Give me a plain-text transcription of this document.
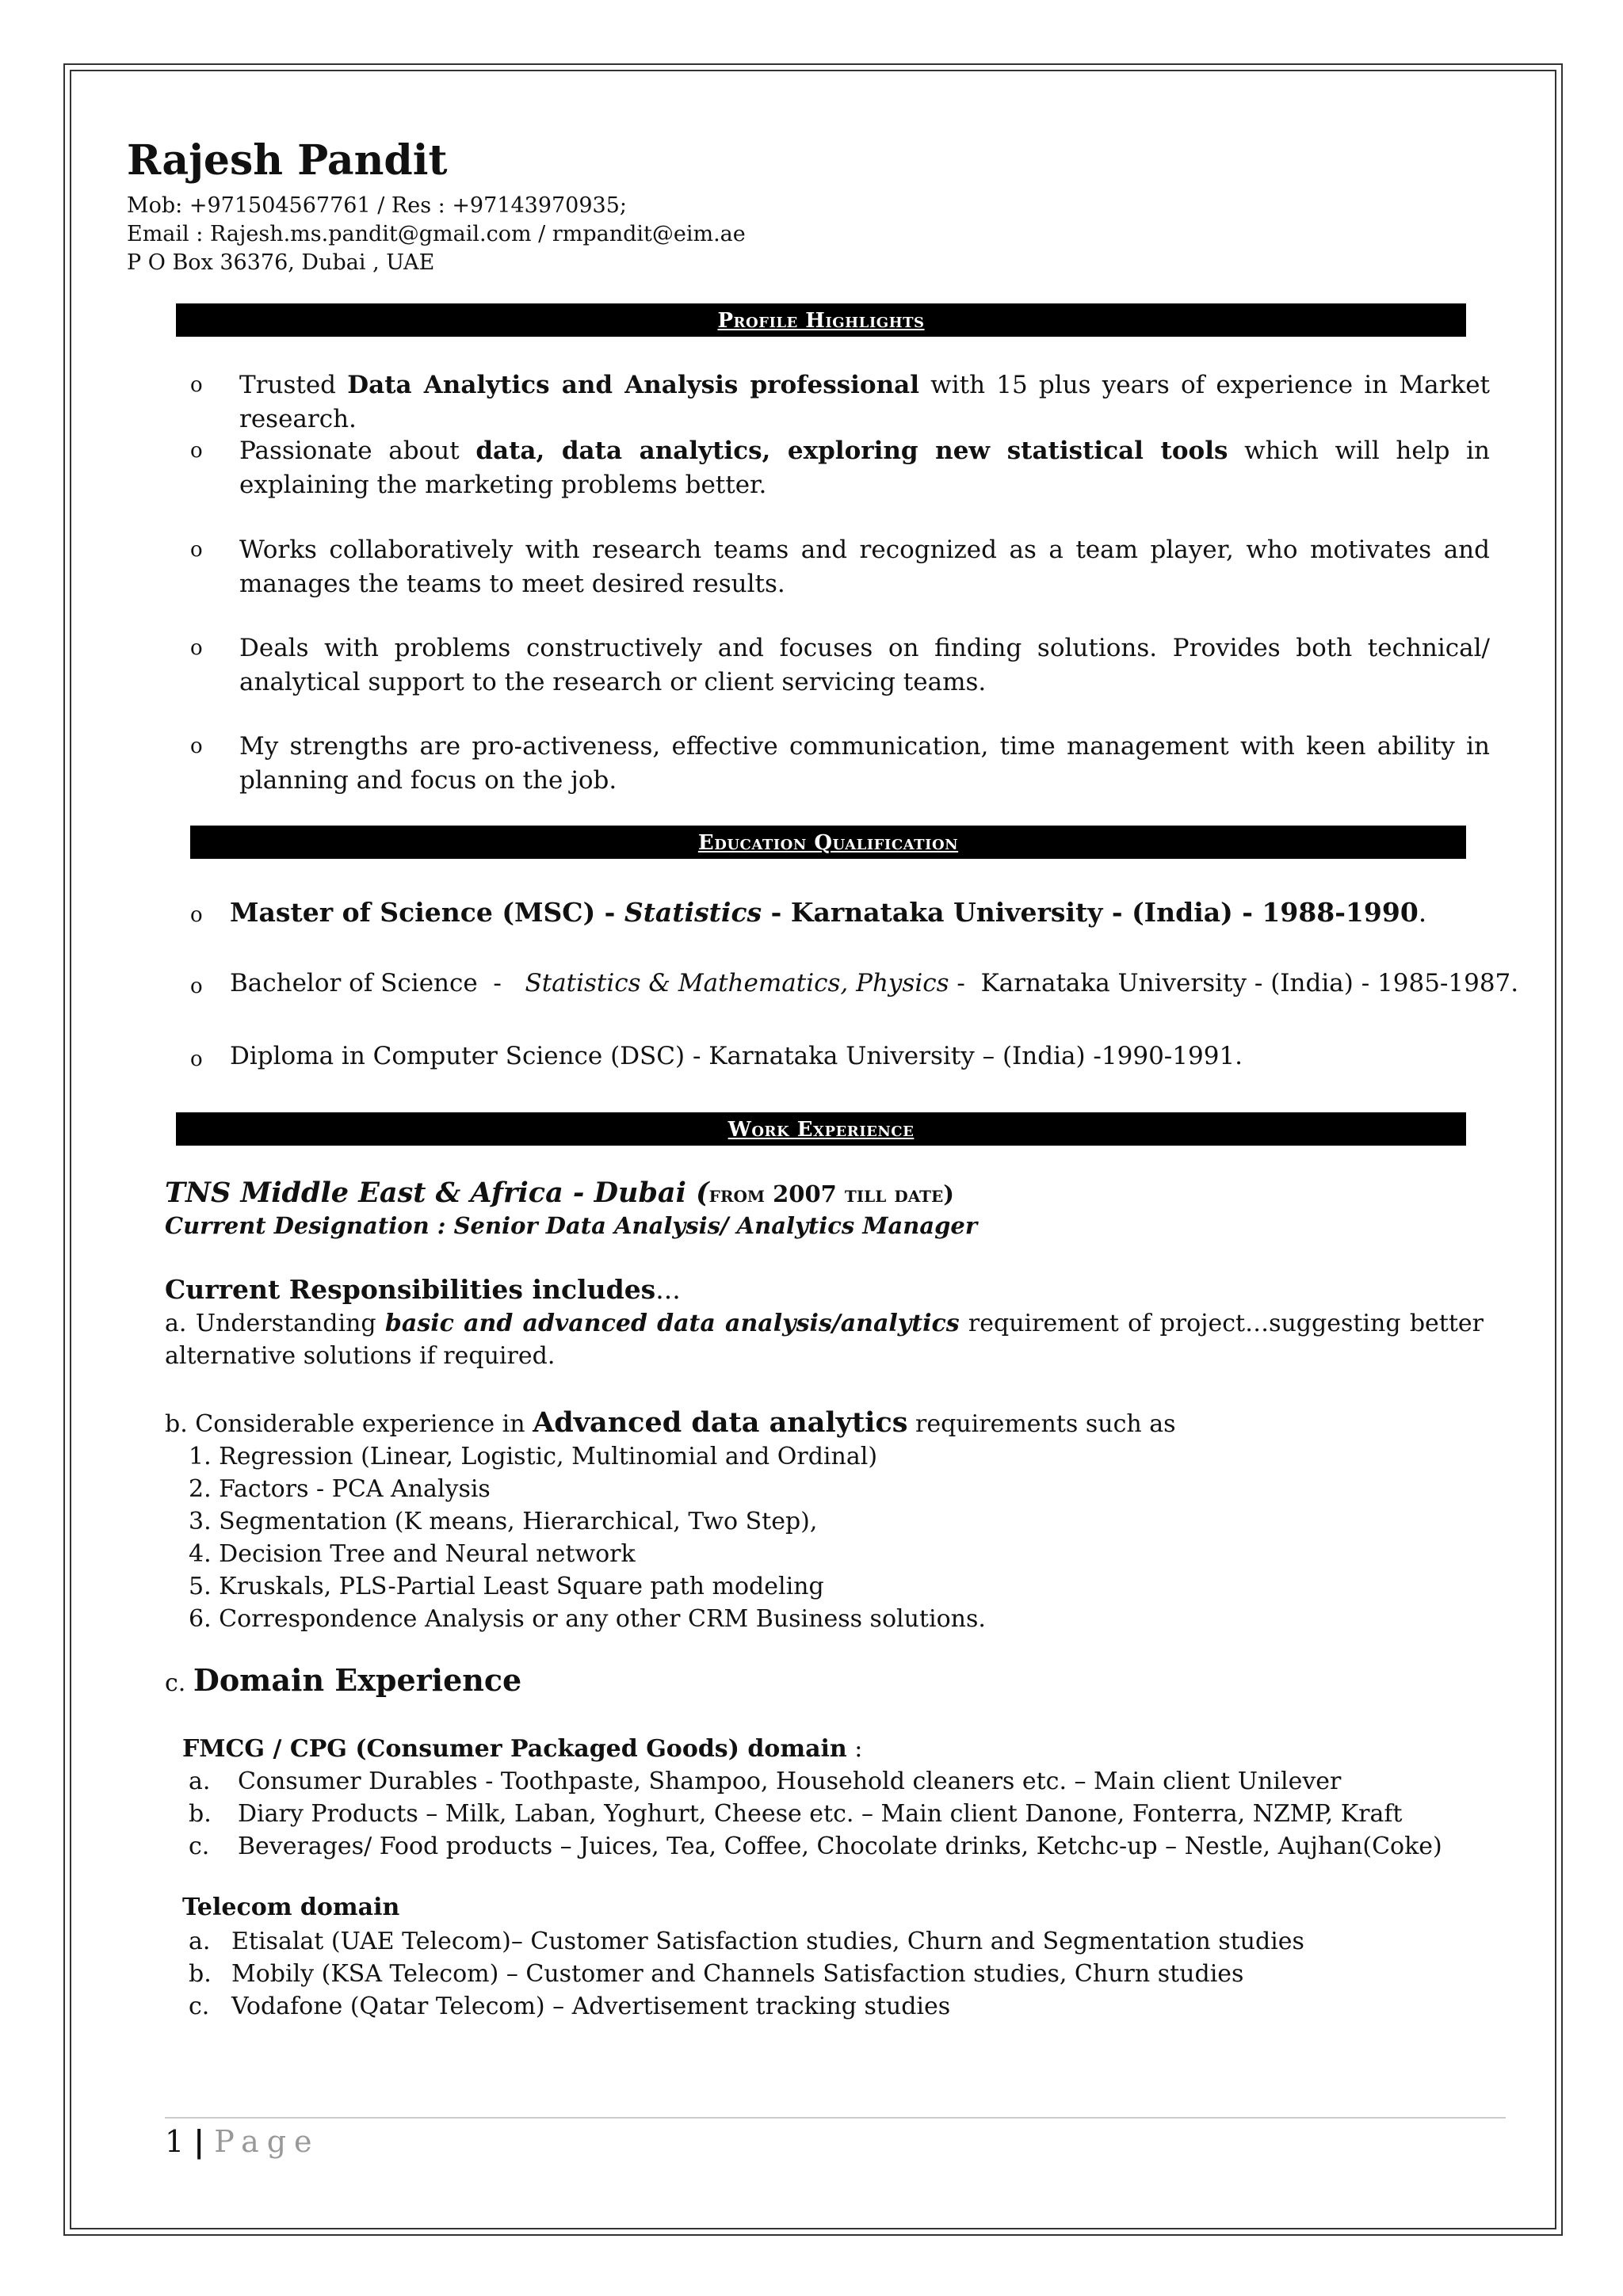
Rajesh Pandit
Mob: +971504567761 / Res : +97143970935;
Email : Rajesh.ms.pandit@gmail.com / rmpandit@eim.ae
P O Box 36376, Dubai , UAE
Profile Highlights
o Trusted Data Analytics and Analysis professional with 15 plus years of experience in Market research.
o Passionate about data, data analytics, exploring new statistical tools which will help in explaining the marketing problems better.
o Works collaboratively with research teams and recognized as a team player, who motivates and manages the teams to meet desired results.
o Deals with problems constructively and focuses on finding solutions. Provides both technical/ analytical support to the research or client servicing teams.
o My strengths are pro-activeness, effective communication, time management with keen ability in planning and focus on the job.
Education Qualification
o Master of Science (MSC) - Statistics - Karnataka University - (India) - 1988-1990.
o Bachelor of Science  -   Statistics & Mathematics, Physics -  Karnataka University - (India) - 1985-1987.
o Diploma in Computer Science (DSC) - Karnataka University – (India) -1990-1991.
Work Experience
TNS Middle East & Africa - Dubai (from 2007 till date)
Current Designation : Senior Data Analysis/ Analytics Manager
Current Responsibilities includes...
a. Understanding basic and advanced data analysis/analytics requirement of project…suggesting better alternative solutions if required.
b. Considerable experience in Advanced data analytics requirements such as
1. Regression (Linear, Logistic, Multinomial and Ordinal)
2. Factors - PCA Analysis
3. Segmentation (K means, Hierarchical, Two Step),
4. Decision Tree and Neural network
5. Kruskals, PLS-Partial Least Square path modeling
6. Correspondence Analysis or any other CRM Business solutions.
c. Domain Experience
FMCG / CPG (Consumer Packaged Goods) domain :
a. Consumer Durables - Toothpaste, Shampoo, Household cleaners etc. – Main client Unilever
b. Diary Products – Milk, Laban, Yoghurt, Cheese etc. – Main client Danone, Fonterra, NZMP, Kraft
c. Beverages/ Food products – Juices, Tea, Coffee, Chocolate drinks, Ketchc-up – Nestle, Aujhan(Coke)
Telecom domain
a. Etisalat (UAE Telecom)– Customer Satisfaction studies, Churn and Segmentation studies
b. Mobily (KSA Telecom) – Customer and Channels Satisfaction studies, Churn studies
c. Vodafone (Qatar Telecom) – Advertisement tracking studies
1 | Page
